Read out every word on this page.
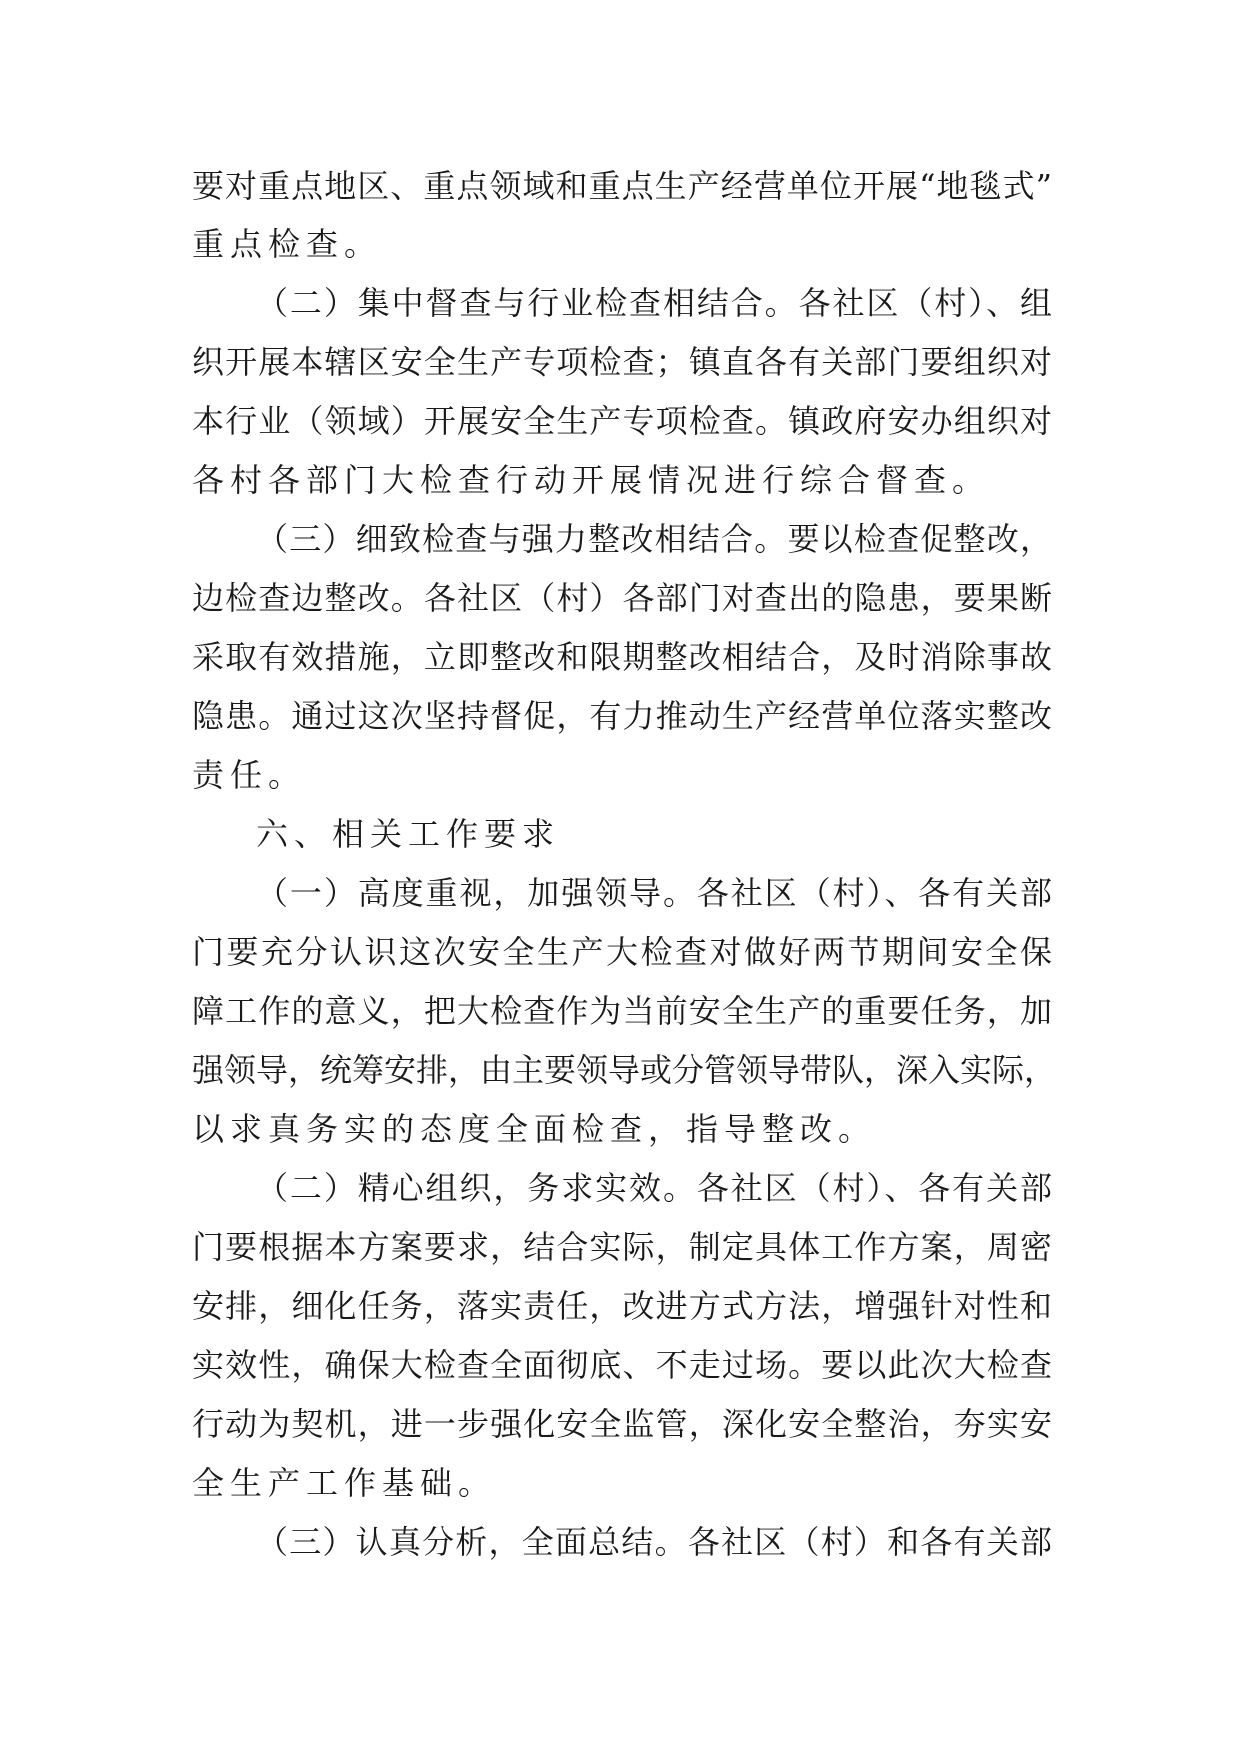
要对重点地区、重点领域和重点生产经营单位开展“地毯式”
重点检查。
（二）集中督查与行业检查相结合。各社区（村）、组
织开展本辖区安全生产专项检查；镇直各有关部门要组织对
本行业（领域）开展安全生产专项检查。镇政府安办组织对
各村各部门大检查行动开展情况进行综合督查。
（三）细致检查与强力整改相结合。要以检查促整改，
边检查边整改。各社区（村）各部门对查出的隐患，要果断
采取有效措施，立即整改和限期整改相结合，及时消除事故
隐患。通过这次坚持督促，有力推动生产经营单位落实整改
责任。
六、相关工作要求
（一）高度重视，加强领导。各社区（村）、各有关部
门要充分认识这次安全生产大检查对做好两节期间安全保
障工作的意义，把大检查作为当前安全生产的重要任务，加
强领导，统筹安排，由主要领导或分管领导带队，深入实际，
以求真务实的态度全面检查，指导整改。
（二）精心组织，务求实效。各社区（村）、各有关部
门要根据本方案要求，结合实际，制定具体工作方案，周密
安排，细化任务，落实责任，改进方式方法，增强针对性和
实效性，确保大检查全面彻底、不走过场。要以此次大检查
行动为契机，进一步强化安全监管，深化安全整治，夯实安
全生产工作基础。
（三）认真分析，全面总结。各社区（村）和各有关部
